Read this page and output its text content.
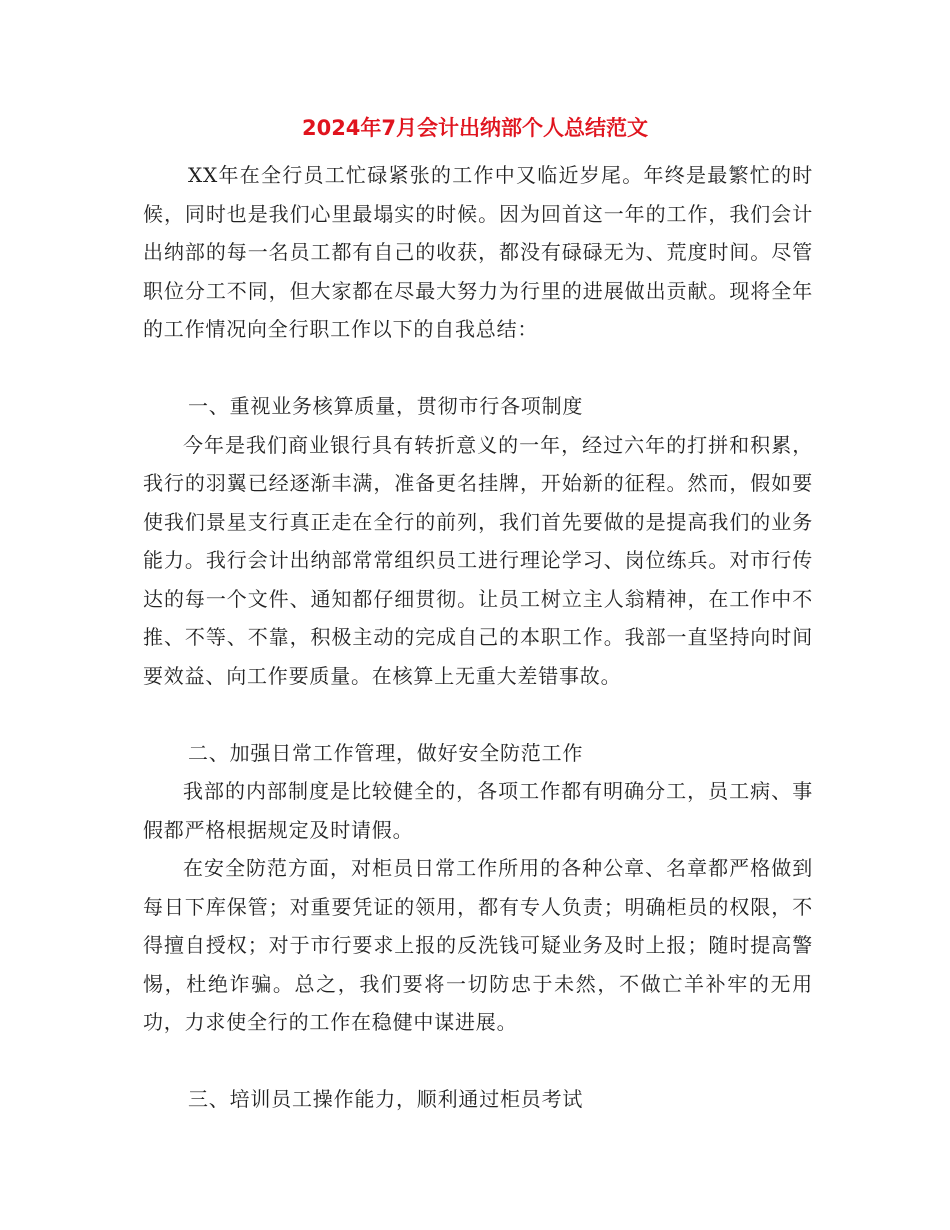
2024年7月会计出纳部个人总结范文

XX年在全行员工忙碌紧张的工作中又临近岁尾。年终是最繁忙的时候，同时也是我们心里最塌实的时候。因为回首这一年的工作，我们会计出纳部的每一名员工都有自己的收获，都没有碌碌无为、荒度时间。尽管职位分工不同，但大家都在尽最大努力为行里的进展做出贡献。现将全年的工作情况向全行职工作以下的自我总结：

一、重视业务核算质量，贯彻市行各项制度

今年是我们商业银行具有转折意义的一年，经过六年的打拼和积累，我行的羽翼已经逐渐丰满，准备更名挂牌，开始新的征程。然而，假如要使我们景星支行真正走在全行的前列，我们首先要做的是提高我们的业务能力。我行会计出纳部常常组织员工进行理论学习、岗位练兵。对市行传达的每一个文件、通知都仔细贯彻。让员工树立主人翁精神，在工作中不推、不等、不靠，积极主动的完成自己的本职工作。我部一直坚持向时间要效益、向工作要质量。在核算上无重大差错事故。

二、加强日常工作管理，做好安全防范工作

我部的内部制度是比较健全的，各项工作都有明确分工，员工病、事假都严格根据规定及时请假。

在安全防范方面，对柜员日常工作所用的各种公章、名章都严格做到每日下库保管；对重要凭证的领用，都有专人负责；明确柜员的权限，不得擅自授权；对于市行要求上报的反洗钱可疑业务及时上报；随时提高警惕，杜绝诈骗。总之，我们要将一切防忠于未然，不做亡羊补牢的无用功，力求使全行的工作在稳健中谋进展。

三、培训员工操作能力，顺利通过柜员考试
